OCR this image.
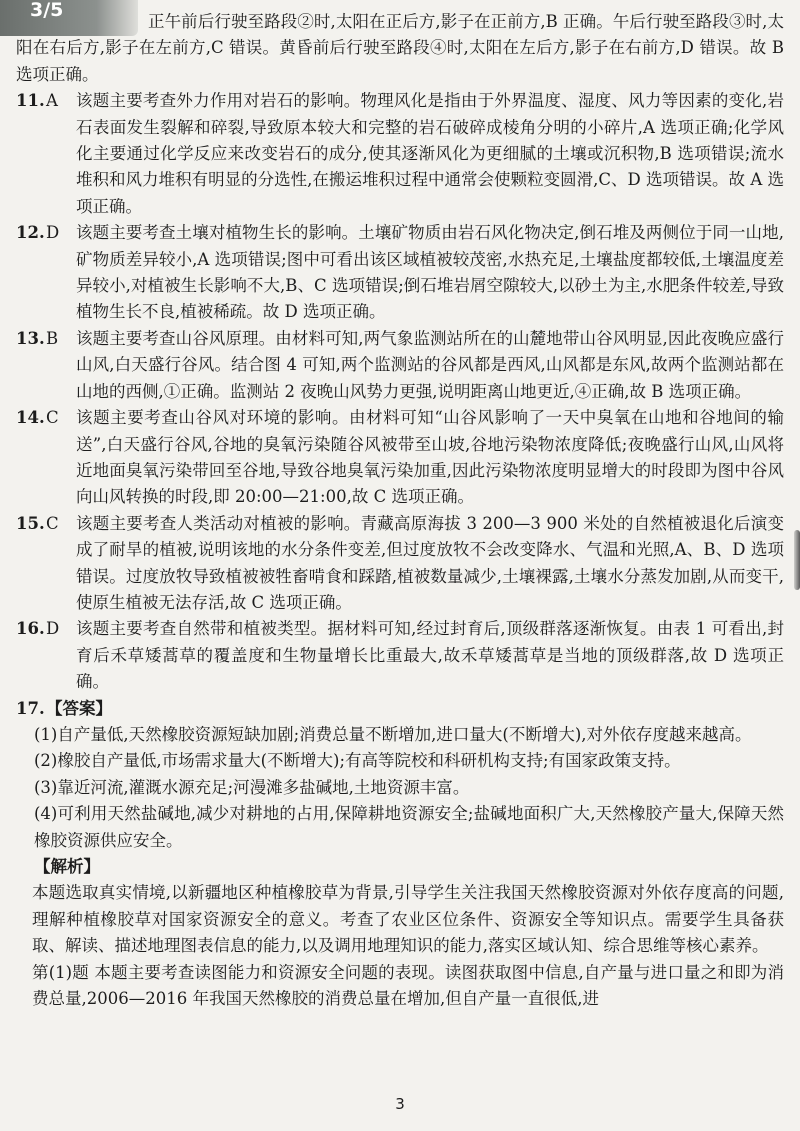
3/5

正午前后行驶至路段②时,太阳在正后方,影子在正前方,B 正确。午后行驶至路段③时,太阳在右后方,影子在左前方,C 错误。黄昏前后行驶至路段④时,太阳在左后方,影子在右前方,D 错误。故 B 选项正确。

11. A	该题主要考查外力作用对岩石的影响。物理风化是指由于外界温度、湿度、风力等因素的变化,岩石表面发生裂解和碎裂,导致原本较大和完整的岩石破碎成棱角分明的小碎片,A 选项正确;化学风化主要通过化学反应来改变岩石的成分,使其逐渐风化为更细腻的土壤或沉积物,B 选项错误;流水堆积和风力堆积有明显的分选性,在搬运堆积过程中通常会使颗粒变圆滑,C、D 选项错误。故 A 选项正确。
12. D	该题主要考查土壤对植物生长的影响。土壤矿物质由岩石风化物决定,倒石堆及两侧位于同一山地,矿物质差异较小,A 选项错误;图中可看出该区域植被较茂密,水热充足,土壤盐度都较低,土壤温度差异较小,对植被生长影响不大,B、C 选项错误;倒石堆岩屑空隙较大,以砂土为主,水肥条件较差,导致植物生长不良,植被稀疏。故 D 选项正确。
13. B	该题主要考查山谷风原理。由材料可知,两气象监测站所在的山麓地带山谷风明显,因此夜晚应盛行山风,白天盛行谷风。结合图 4 可知,两个监测站的谷风都是西风,山风都是东风,故两个监测站都在山地的西侧,①正确。监测站 2 夜晚山风势力更强,说明距离山地更近,④正确,故 B 选项正确。
14. C	该题主要考查山谷风对环境的影响。由材料可知“山谷风影响了一天中臭氧在山地和谷地间的输送”,白天盛行谷风,谷地的臭氧污染随谷风被带至山坡,谷地污染物浓度降低;夜晚盛行山风,山风将近地面臭氧污染带回至谷地,导致谷地臭氧污染加重,因此污染物浓度明显增大的时段即为图中谷风向山风转换的时段,即 20:00—21:00,故 C 选项正确。
15. C	该题主要考查人类活动对植被的影响。青藏高原海拔 3 200—3 900 米处的自然植被退化后演变成了耐旱的植被,说明该地的水分条件变差,但过度放牧不会改变降水、气温和光照,A、B、D 选项错误。过度放牧导致植被被牲畜啃食和踩踏,植被数量减少,土壤裸露,土壤水分蒸发加剧,从而变干,使原生植被无法存活,故 C 选项正确。
16. D	该题主要考查自然带和植被类型。据材料可知,经过封育后,顶级群落逐渐恢复。由表 1 可看出,封育后禾草矮蒿草的覆盖度和生物量增长比重最大,故禾草矮蒿草是当地的顶级群落,故 D 选项正确。
17. 【答案】

(1)自产量低,天然橡胶资源短缺加剧;消费总量不断增加,进口量大(不断增大),对外依存度越来越高。

(2)橡胶自产量低,市场需求量大(不断增大);有高等院校和科研机构支持;有国家政策支持。

(3)靠近河流,灌溉水源充足;河漫滩多盐碱地,土地资源丰富。

(4)可利用天然盐碱地,减少对耕地的占用,保障耕地资源安全;盐碱地面积广大,天然橡胶产量大,保障天然橡胶资源供应安全。

【解析】

本题选取真实情境,以新疆地区种植橡胶草为背景,引导学生关注我国天然橡胶资源对外依存度高的问题,理解种植橡胶草对国家资源安全的意义。考查了农业区位条件、资源安全等知识点。需要学生具备获取、解读、描述地理图表信息的能力,以及调用地理知识的能力,落实区域认知、综合思维等核心素养。

第(1)题 本题主要考查读图能力和资源安全问题的表现。读图获取图中信息,自产量与进口量之和即为消费总量,2006—2016 年我国天然橡胶的消费总量在增加,但自产量一直很低,进

3
